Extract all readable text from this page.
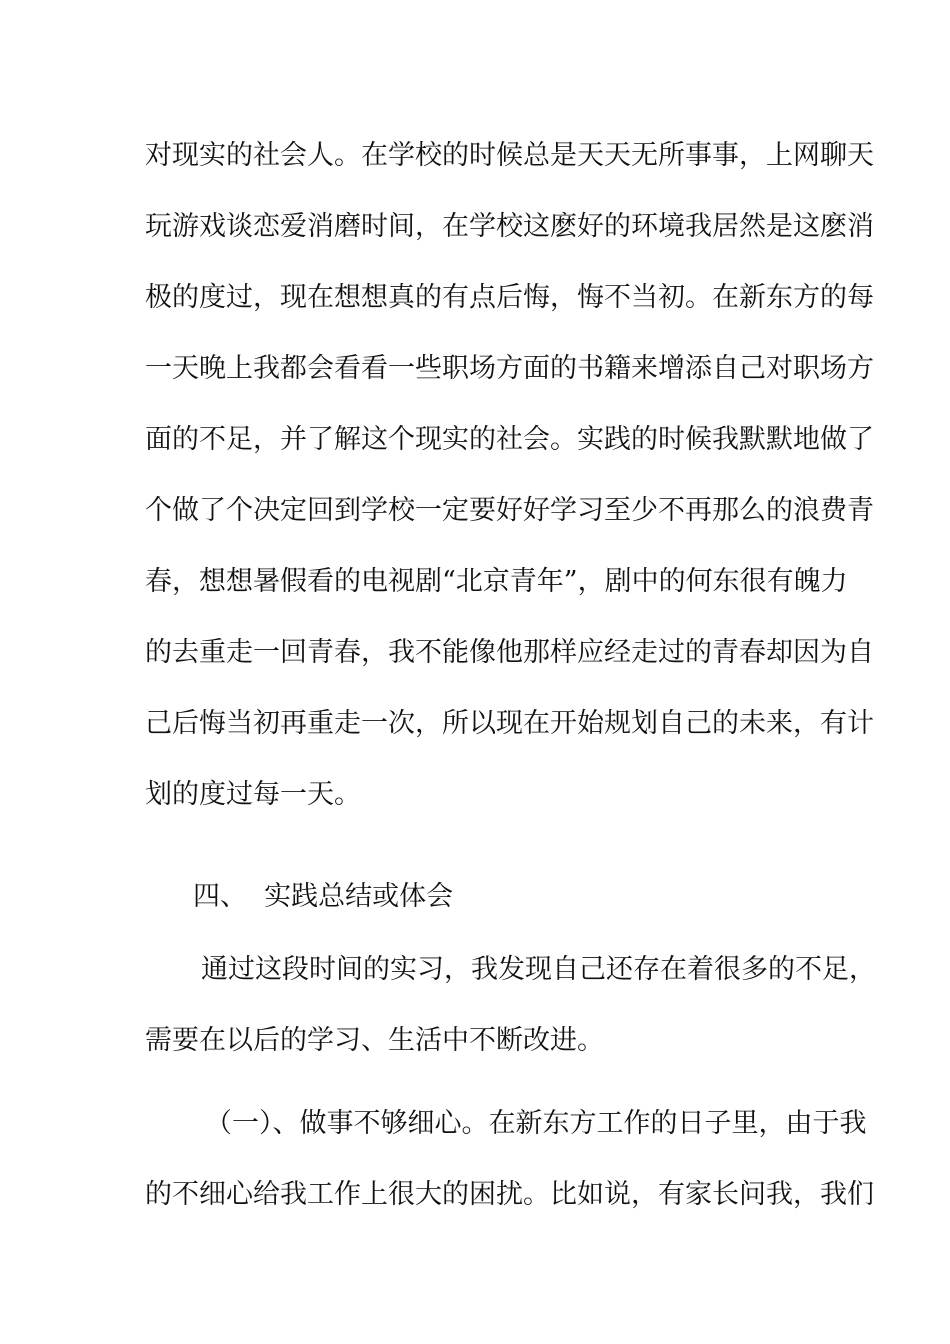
对现实的社会人。在学校的时候总是天天无所事事，上网聊天
玩游戏谈恋爱消磨时间，在学校这麽好的环境我居然是这麽消
极的度过，现在想想真的有点后悔，悔不当初。在新东方的每
一天晚上我都会看看一些职场方面的书籍来增添自己对职场方
面的不足，并了解这个现实的社会。实践的时候我默默地做了
个做了个决定回到学校一定要好好学习至少不再那么的浪费青
春，想想暑假看的电视剧“北京青年”，剧中的何东很有魄力
的去重走一回青春，我不能像他那样应经走过的青春却因为自
己后悔当初再重走一次，所以现在开始规划自己的未来，有计
划的度过每一天。
四、  实践总结或体会
通过这段时间的实习，我发现自己还存在着很多的不足，
需要在以后的学习、生活中不断改进。
（一）、做事不够细心。在新东方工作的日子里，由于我
的不细心给我工作上很大的困扰。比如说，有家长问我，我们
